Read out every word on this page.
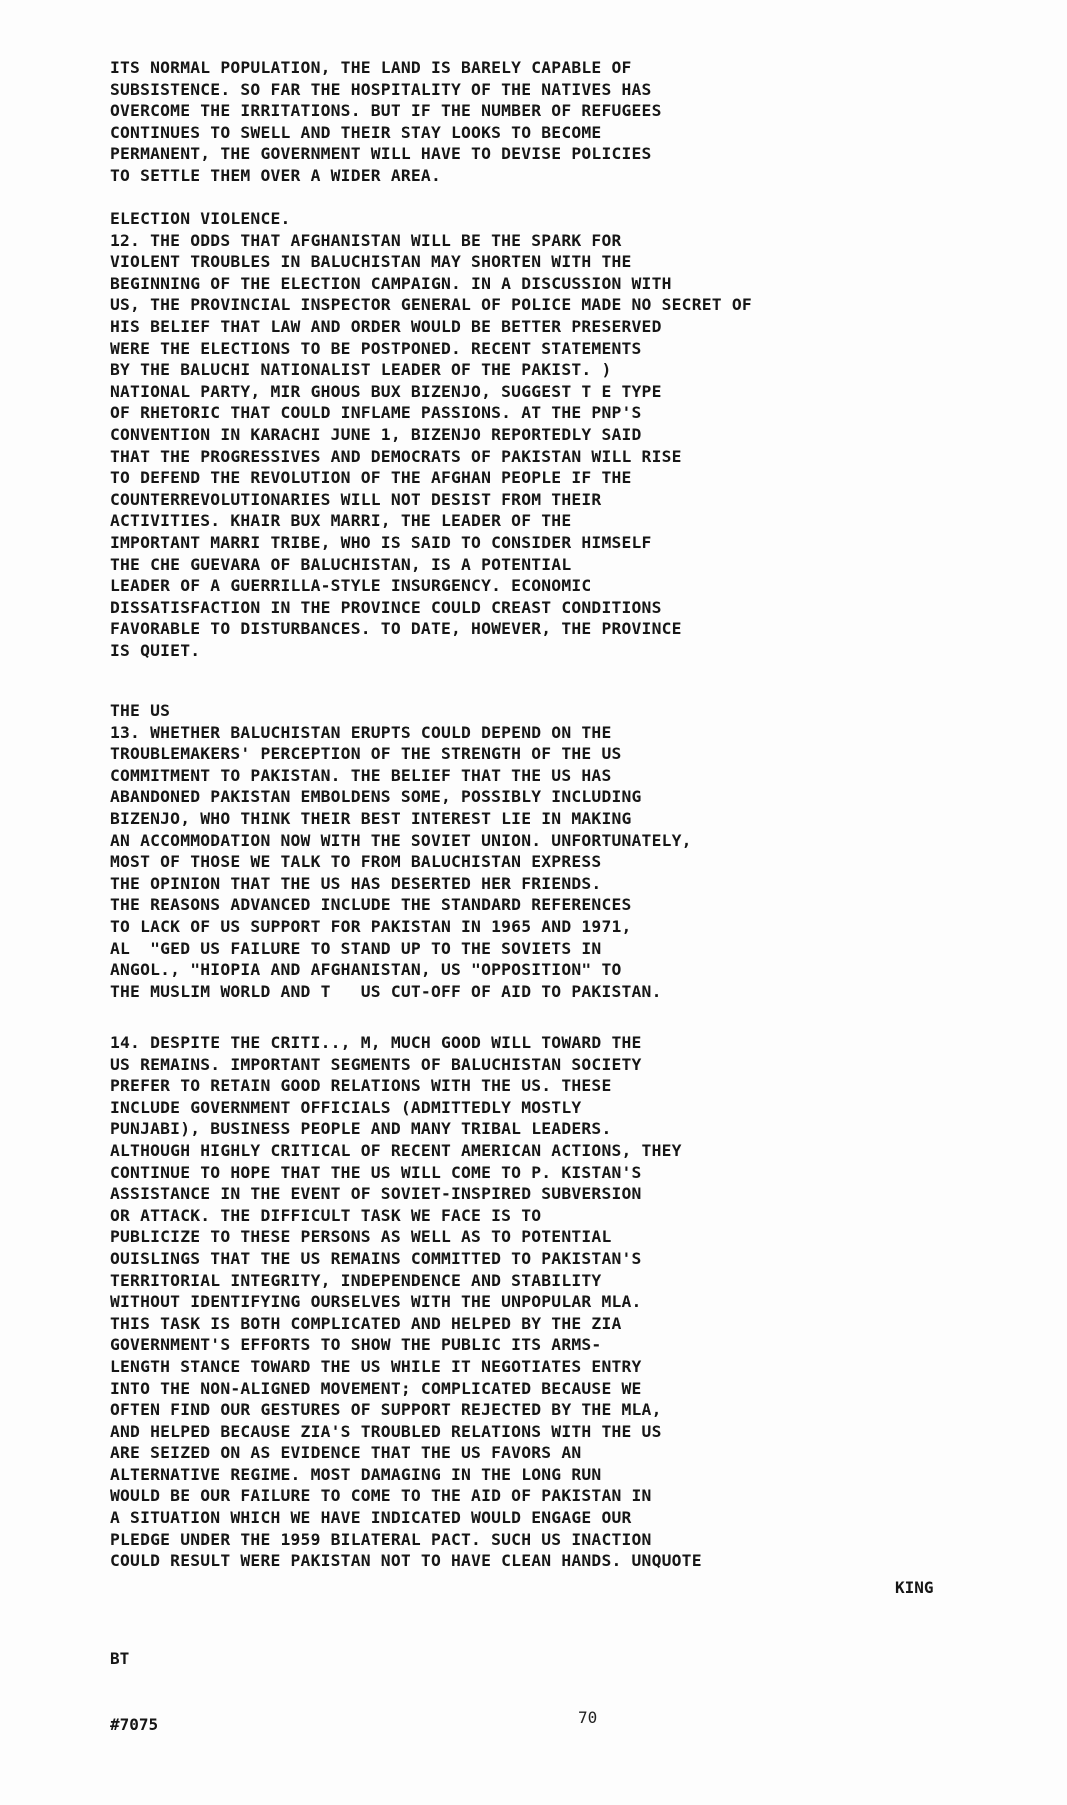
ITS NORMAL POPULATION, THE LAND IS BARELY CAPABLE OF
SUBSISTENCE. SO FAR THE HOSPITALITY OF THE NATIVES HAS
OVERCOME THE IRRITATIONS. BUT IF THE NUMBER OF REFUGEES
CONTINUES TO SWELL AND THEIR STAY LOOKS TO BECOME
PERMANENT, THE GOVERNMENT WILL HAVE TO DEVISE POLICIES
TO SETTLE THEM OVER A WIDER AREA.
ELECTION VIOLENCE.
12. THE ODDS THAT AFGHANISTAN WILL BE THE SPARK FOR
VIOLENT TROUBLES IN BALUCHISTAN MAY SHORTEN WITH THE
BEGINNING OF THE ELECTION CAMPAIGN. IN A DISCUSSION WITH
US, THE PROVINCIAL INSPECTOR GENERAL OF POLICE MADE NO SECRET OF
HIS BELIEF THAT LAW AND ORDER WOULD BE BETTER PRESERVED
WERE THE ELECTIONS TO BE POSTPONED. RECENT STATEMENTS
BY THE BALUCHI NATIONALIST LEADER OF THE PAKIST. )
NATIONAL PARTY, MIR GHOUS BUX BIZENJO, SUGGEST T E TYPE
OF RHETORIC THAT COULD INFLAME PASSIONS. AT THE PNP'S
CONVENTION IN KARACHI JUNE 1, BIZENJO REPORTEDLY SAID
THAT THE PROGRESSIVES AND DEMOCRATS OF PAKISTAN WILL RISE
TO DEFEND THE REVOLUTION OF THE AFGHAN PEOPLE IF THE
COUNTERREVOLUTIONARIES WILL NOT DESIST FROM THEIR
ACTIVITIES. KHAIR BUX MARRI, THE LEADER OF THE
IMPORTANT MARRI TRIBE, WHO IS SAID TO CONSIDER HIMSELF
THE CHE GUEVARA OF BALUCHISTAN, IS A POTENTIAL
LEADER OF A GUERRILLA-STYLE INSURGENCY. ECONOMIC
DISSATISFACTION IN THE PROVINCE COULD CREAST CONDITIONS
FAVORABLE TO DISTURBANCES. TO DATE, HOWEVER, THE PROVINCE
IS QUIET.
THE US
13. WHETHER BALUCHISTAN ERUPTS COULD DEPEND ON THE
TROUBLEMAKERS' PERCEPTION OF THE STRENGTH OF THE US
COMMITMENT TO PAKISTAN. THE BELIEF THAT THE US HAS
ABANDONED PAKISTAN EMBOLDENS SOME, POSSIBLY INCLUDING
BIZENJO, WHO THINK THEIR BEST INTEREST LIE IN MAKING
AN ACCOMMODATION NOW WITH THE SOVIET UNION. UNFORTUNATELY,
MOST OF THOSE WE TALK TO FROM BALUCHISTAN EXPRESS
THE OPINION THAT THE US HAS DESERTED HER FRIENDS.
THE REASONS ADVANCED INCLUDE THE STANDARD REFERENCES
TO LACK OF US SUPPORT FOR PAKISTAN IN 1965 AND 1971,
AL  "GED US FAILURE TO STAND UP TO THE SOVIETS IN
ANGOL., "HIOPIA AND AFGHANISTAN, US "OPPOSITION" TO
THE MUSLIM WORLD AND T   US CUT-OFF OF AID TO PAKISTAN.
14. DESPITE THE CRITI.., M, MUCH GOOD WILL TOWARD THE
US REMAINS. IMPORTANT SEGMENTS OF BALUCHISTAN SOCIETY
PREFER TO RETAIN GOOD RELATIONS WITH THE US. THESE
INCLUDE GOVERNMENT OFFICIALS (ADMITTEDLY MOSTLY
PUNJABI), BUSINESS PEOPLE AND MANY TRIBAL LEADERS.
ALTHOUGH HIGHLY CRITICAL OF RECENT AMERICAN ACTIONS, THEY
CONTINUE TO HOPE THAT THE US WILL COME TO P. KISTAN'S
ASSISTANCE IN THE EVENT OF SOVIET-INSPIRED SUBVERSION
OR ATTACK. THE DIFFICULT TASK WE FACE IS TO
PUBLICIZE TO THESE PERSONS AS WELL AS TO POTENTIAL
OUISLINGS THAT THE US REMAINS COMMITTED TO PAKISTAN'S
TERRITORIAL INTEGRITY, INDEPENDENCE AND STABILITY
WITHOUT IDENTIFYING OURSELVES WITH THE UNPOPULAR MLA.
THIS TASK IS BOTH COMPLICATED AND HELPED BY THE ZIA
GOVERNMENT'S EFFORTS TO SHOW THE PUBLIC ITS ARMS-
LENGTH STANCE TOWARD THE US WHILE IT NEGOTIATES ENTRY
INTO THE NON-ALIGNED MOVEMENT; COMPLICATED BECAUSE WE
OFTEN FIND OUR GESTURES OF SUPPORT REJECTED BY THE MLA,
AND HELPED BECAUSE ZIA'S TROUBLED RELATIONS WITH THE US
ARE SEIZED ON AS EVIDENCE THAT THE US FAVORS AN
ALTERNATIVE REGIME. MOST DAMAGING IN THE LONG RUN
WOULD BE OUR FAILURE TO COME TO THE AID OF PAKISTAN IN
A SITUATION WHICH WE HAVE INDICATED WOULD ENGAGE OUR
PLEDGE UNDER THE 1959 BILATERAL PACT. SUCH US INACTION
COULD RESULT WERE PAKISTAN NOT TO HAVE CLEAN HANDS. UNQUOTE
KING

BT

#7075

	70
